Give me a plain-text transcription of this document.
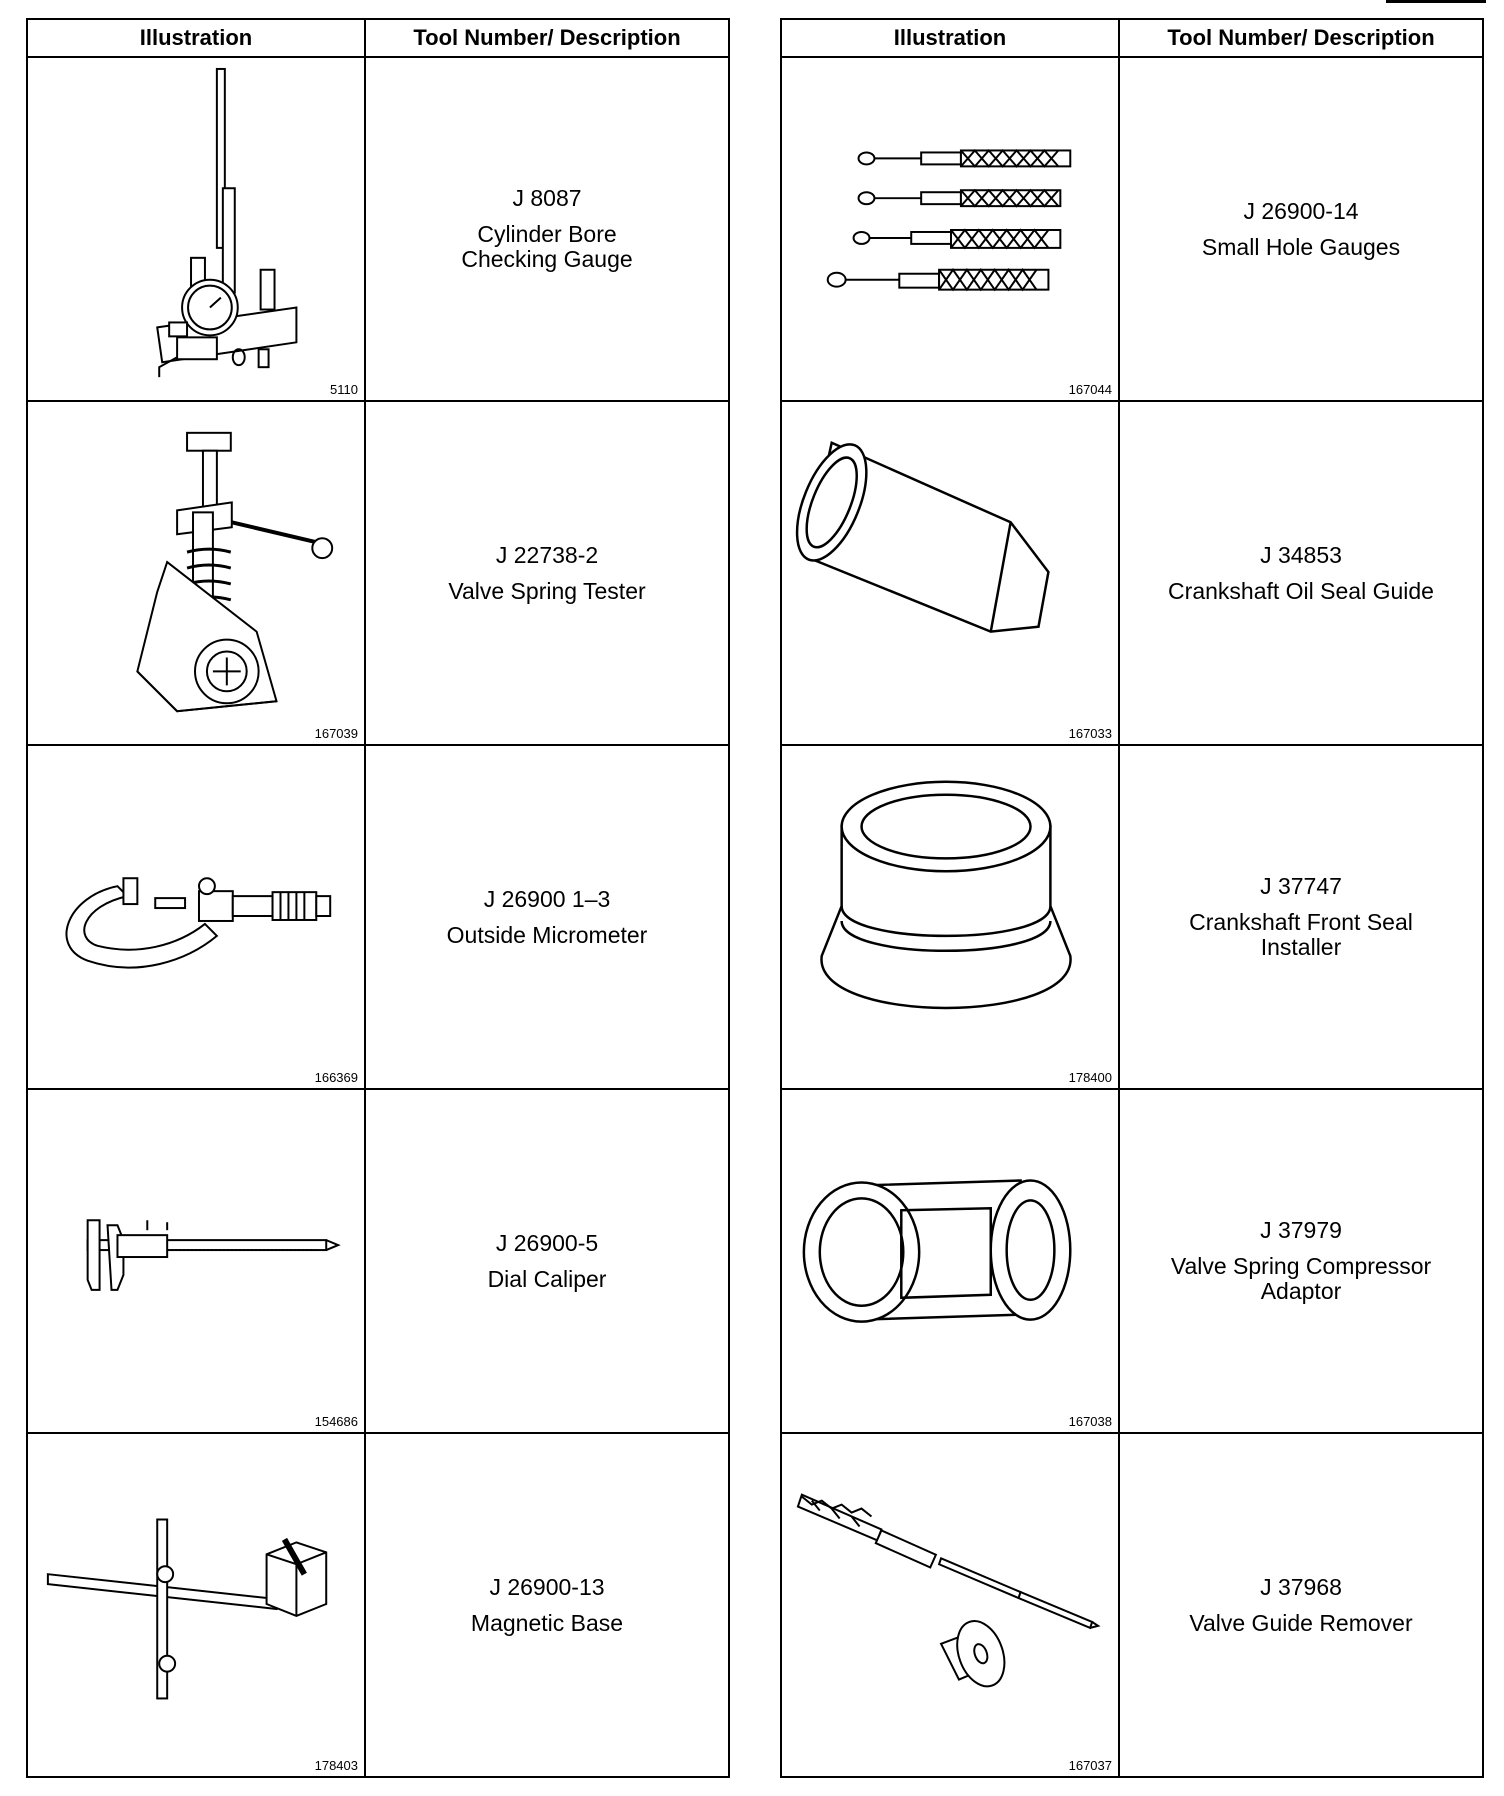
Illustration	Tool Number/ Description

5110	J 8087
Cylinder Bore
Checking Gauge

167039	J 22738-2
Valve Spring Tester

166369	J 26900 1–3
Outside Micrometer

154686	J 26900-5
Dial Caliper

178403	J 26900-13
Magnetic Base
Illustration	Tool Number/ Description

167044	J 26900-14
Small Hole Gauges

167033	J 34853
Crankshaft Oil Seal Guide

178400	J 37747
Crankshaft Front Seal
Installer

167038	J 37979
Valve Spring Compressor
Adaptor

167037	J 37968
Valve Guide Remover
